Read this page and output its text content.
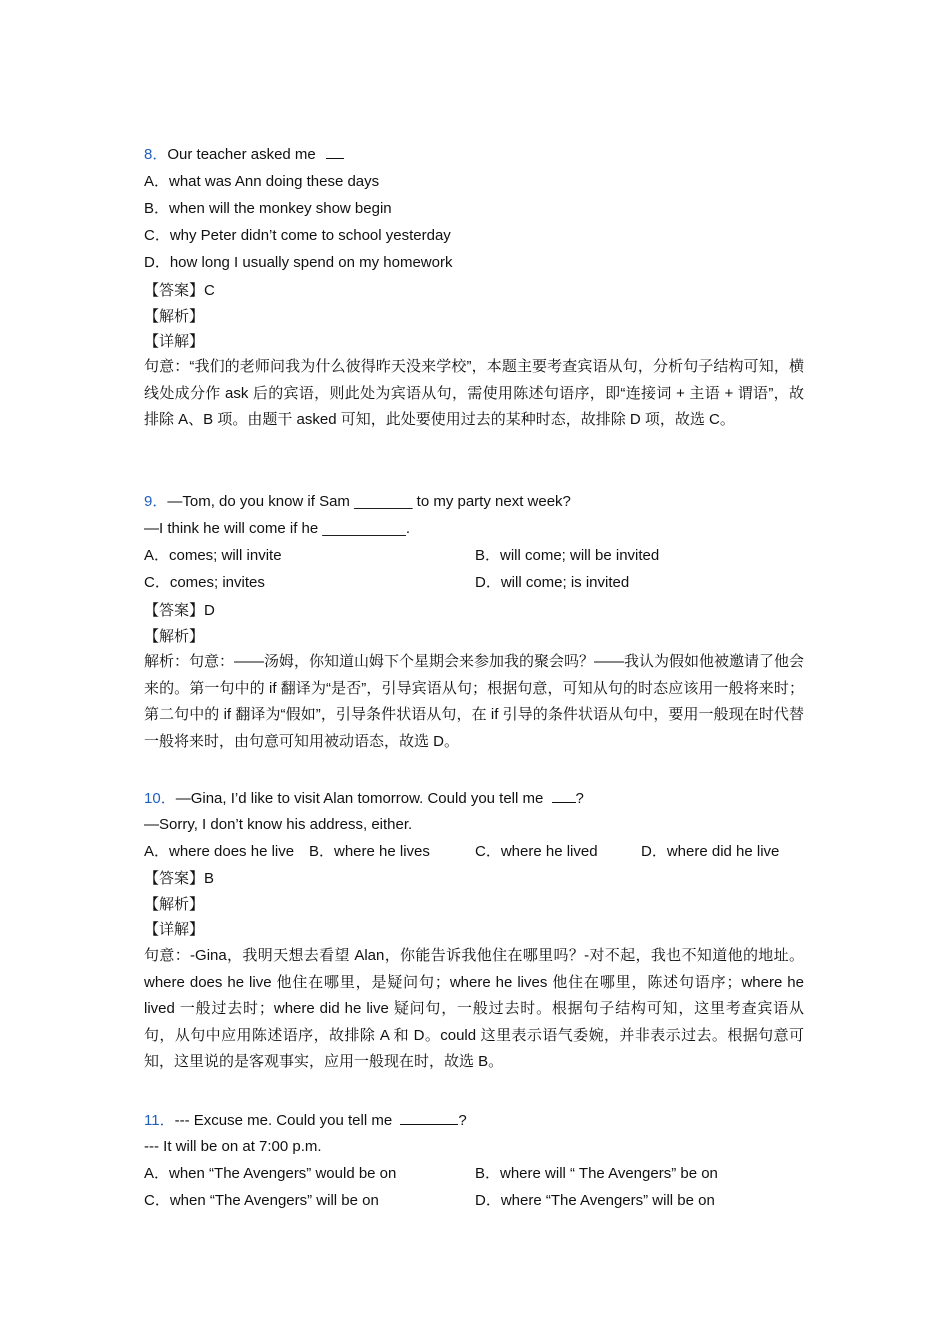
8．Our teacher asked me
A．what was Ann doing these days
B．when will the monkey show begin
C．why Peter didn’t come to school yesterday
D．how long I usually spend on my homework
【答案】C
【解析】
【详解】
句意：“我们的老师问我为什么彼得昨天没来学校”，本题主要考查宾语从句，分析句子结构可知，横线处成分作 ask 后的宾语，则此处为宾语从句，需使用陈述句语序，即“连接词 + 主语 + 谓语”，故排除 A、B 项。由题干 asked 可知，此处要使用过去的某种时态，故排除 D 项，故选 C。
9．—Tom, do you know if Sam _______ to my party next week?
—I think he will come if he __________.
A．comes; will invite	B．will come; will be invited
C．comes; invites	D．will come; is invited
【答案】D
【解析】
解析：句意：——汤姆，你知道山姆下个星期会来参加我的聚会吗？——我认为假如他被邀请了他会来的。第一句中的 if 翻译为“是否”，引导宾语从句；根据句意，可知从句的时态应该用一般将来时；第二句中的 if 翻译为“假如”，引导条件状语从句，在 if 引导的条件状语从句中，要用一般现在时代替一般将来时，由句意可知用被动语态，故选 D。
10．—Gina, I’d like to visit Alan tomorrow. Could you tell me ?
—Sorry, I don’t know his address, either.
A．where does he live B．where he lives	C．where he lived	D．where did he live
【答案】B
【解析】
【详解】
句意：-Gina，我明天想去看望 Alan，你能告诉我他住在哪里吗？-对不起，我也不知道他的地址。where does he live 他住在哪里，是疑问句；where he lives 他住在哪里，陈述句语序；where he lived 一般过去时；where did he live 疑问句，一般过去时。根据句子结构可知，这里考查宾语从句，从句中应用陈述语序，故排除 A 和 D。could 这里表示语气委婉，并非表示过去。根据句意可知，这里说的是客观事实，应用一般现在时，故选 B。
11．--- Excuse me. Could you tell me	?
--- It will be on at 7:00 p.m.
A．when “The Avengers” would be on	B．where will “ The Avengers” be on
C．when “The Avengers” will be on	D．where “The Avengers” will be on
